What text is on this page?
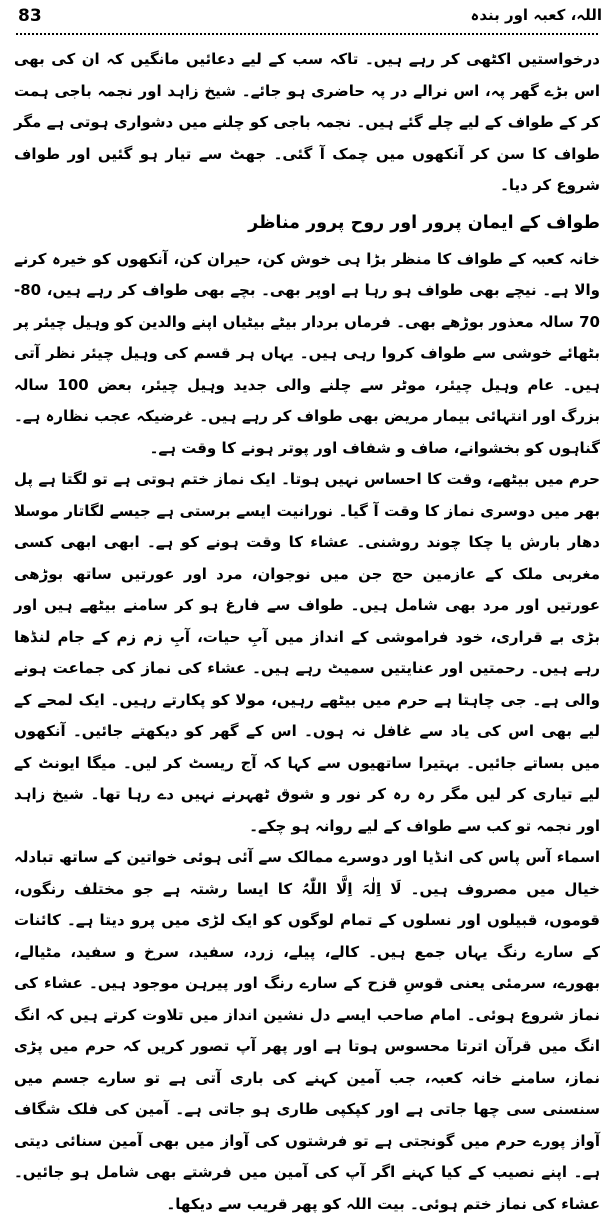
83	اللہ، کعبہ اور بندہ

درخواستیں اکٹھی کر رہے ہیں۔ تاکہ سب کے لیے دعائیں مانگیں کہ ان کی بھی اس بڑے گھر پہ، اس نرالے در پہ حاضری ہو جائے۔ شیخ زاہد اور نجمہ باجی ہمت کر کے طواف کے لیے چلے گئے ہیں۔ نجمہ باجی کو چلنے میں دشواری ہوتی ہے مگر طواف کا سن کر آنکھوں میں چمک آ گئی۔ جھٹ سے تیار ہو گئیں اور طواف شروع کر دیا۔

طواف کے ایمان پرور اور روح پرور مناظر

خانہ کعبہ کے طواف کا منظر بڑا ہی خوش کن، حیران کن، آنکھوں کو خیرہ کرنے والا ہے۔ نیچے بھی طواف ہو رہا ہے اوپر بھی۔ بچے بھی طواف کر رہے ہیں، 80-70 سالہ معذور بوڑھے بھی۔ فرماں بردار بیٹے بیٹیاں اپنے والدین کو وہیل چیئر پر بٹھائے خوشی سے طواف کروا رہی ہیں۔ یہاں ہر قسم کی وہیل چیئر نظر آتی ہیں۔ عام وہیل چیئر، موٹر سے چلنے والی جدید وہیل چیئر، بعض 100 سالہ بزرگ اور انتہائی بیمار مریض بھی طواف کر رہے ہیں۔ غرضیکہ عجب نظارہ ہے۔ گناہوں کو بخشوانے، صاف و شفاف اور پوتر ہونے کا وقت ہے۔

حرم میں بیٹھے، وقت کا احساس نہیں ہوتا۔ ایک نماز ختم ہوتی ہے تو لگتا ہے پل بھر میں دوسری نماز کا وقت آ گیا۔ نورانیت ایسے برستی ہے جیسے لگاتار موسلا دھار بارش یا چکا چوند روشنی۔ عشاء کا وقت ہونے کو ہے۔ ابھی ابھی کسی مغربی ملک کے عازمین حج جن میں نوجوان، مرد اور عورتیں ساتھ بوڑھی عورتیں اور مرد بھی شامل ہیں۔ طواف سے فارغ ہو کر سامنے بیٹھے ہیں اور بڑی بے قراری، خود فراموشی کے انداز میں آبِ حیات، آبِ زم زم کے جام لنڈھا رہے ہیں۔ رحمتیں اور عنایتیں سمیٹ رہے ہیں۔ عشاء کی نماز کی جماعت ہونے والی ہے۔ جی چاہتا ہے حرم میں بیٹھے رہیں، مولا کو پکارتے رہیں۔ ایک لمحے کے لیے بھی اس کی یاد سے غافل نہ ہوں۔ اس کے گھر کو دیکھتے جائیں۔ آنکھوں میں بساتے جائیں۔ بہتیرا ساتھیوں سے کہا کہ آج ریسٹ کر لیں۔ میگا ایونٹ کے لیے تیاری کر لیں مگر رہ رہ کر نور و شوق ٹھہرنے نہیں دے رہا تھا۔ شیخ زاہد اور نجمہ تو کب سے طواف کے لیے روانہ ہو چکے۔

اسماء آس پاس کی انڈیا اور دوسرے ممالک سے آئی ہوئی خواتین کے ساتھ تبادلہ خیال میں مصروف ہیں۔ لَا اِلٰہَ اِلَّا اللّٰہُ کا ایسا رشتہ ہے جو مختلف رنگوں، قوموں، قبیلوں اور نسلوں کے تمام لوگوں کو ایک لڑی میں پرو دیتا ہے۔ کائنات کے سارے رنگ یہاں جمع ہیں۔ کالے، پیلے، زرد، سفید، سرخ و سفید، مٹیالے، بھورے، سرمئی یعنی قوسِ قزح کے سارے رنگ اور پیرہن موجود ہیں۔ عشاء کی نماز شروع ہوئی۔ امام صاحب ایسے دل نشین انداز میں تلاوت کرتے ہیں کہ انگ انگ میں قرآن اترتا محسوس ہوتا ہے اور پھر آپ تصور کریں کہ حرم میں پڑی نماز، سامنے خانہ کعبہ، جب آمین کہنے کی باری آتی ہے تو سارے جسم میں سنسنی سی چھا جاتی ہے اور کپکپی طاری ہو جاتی ہے۔ آمین کی فلک شگاف آواز پورے حرم میں گونجتی ہے تو فرشتوں کی آواز میں بھی آمین سنائی دیتی ہے۔ اپنے نصیب کے کیا کہنے اگر آپ کی آمین میں فرشتے بھی شامل ہو جائیں۔ عشاء کی نماز ختم ہوئی۔ بیت اللہ کو پھر قریب سے دیکھا۔
